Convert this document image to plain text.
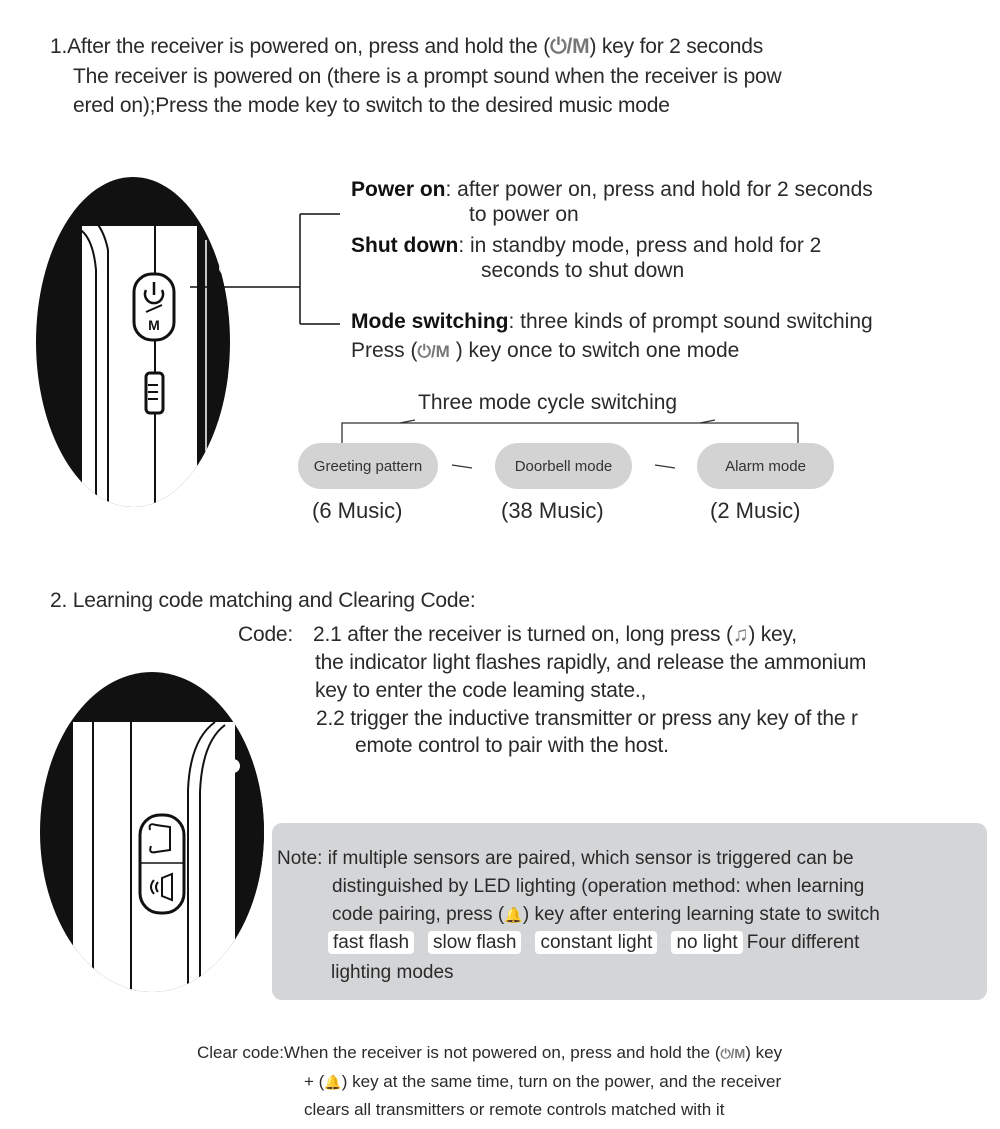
1.After the receiver is powered on, press and hold the (⏻/M) key for 2 seconds
The receiver is powered on (there is a prompt sound when the receiver is pow
ered on);Press the mode key to switch to the desired music mode
M
Power on: after power on, press and hold for 2 seconds
to power on
Shut down: in standby mode, press and hold for 2
seconds to shut down
Mode switching: three kinds of prompt sound switching
Press (⏻/M ) key once to switch one mode
Three mode cycle switching
Greeting pattern	Doorbell mode	Alarm mode
(6 Music)	(38 Music)	(2 Music)
2. Learning code matching and Clearing Code:
Code: 2.1 after the receiver is turned on, long press (♫) key,
the indicator light flashes rapidly, and release the ammonium
key to enter the code leaming state.,
2.2 trigger the inductive transmitter or press any key of the r
emote control to pair with the host.
Note: if multiple sensors are paired, which sensor is triggered can be
distinguished by LED lighting (operation method: when learning
code pairing, press (🔔) key after entering learning state to switch
fast flash slow flash constant light no light Four different
lighting modes
Clear code:When the receiver is not powered on, press and hold the (⏻/M) key
+ (🔔) key at the same time, turn on the power, and the receiver
clears all transmitters or remote controls matched with it
